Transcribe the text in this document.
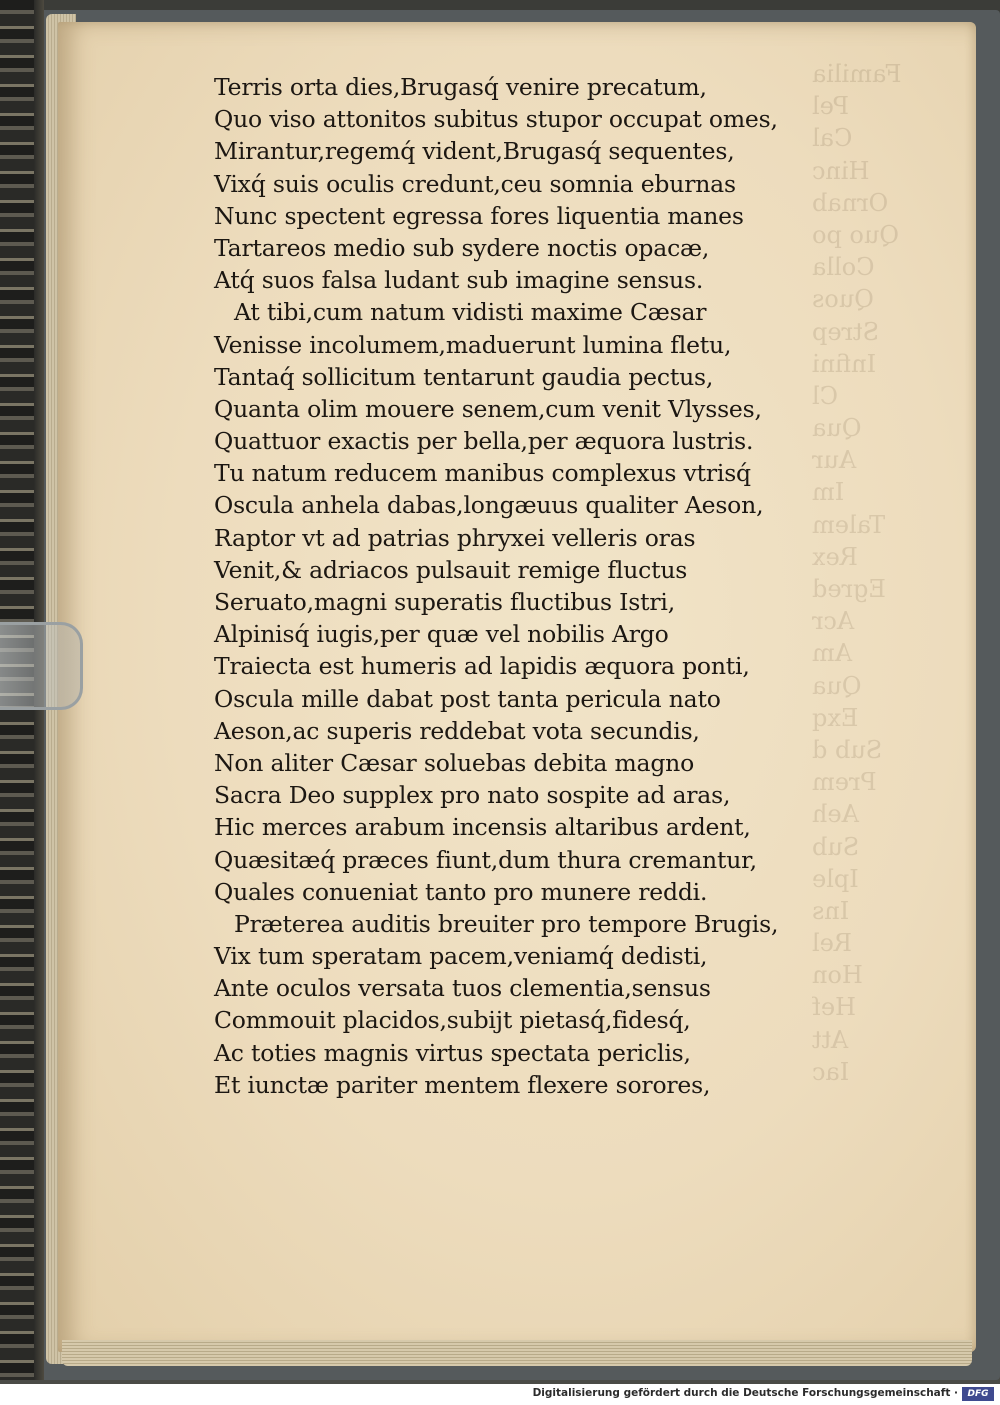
Familia
Pel
Cal
Hinc
Ornab
Quo po
Colla
Quos
Strep
Infini
Cl
Qua
Aur
Im
Talem
Rex
Egred
Acr
Am
Qua
Exq
Sub d
Prem
Aeh
Sub
Iple
Ins
Rel
Hon
Hef
Att
Iac
Terris orta dies,Brugasq́ venire precatum,
Quo viso attonitos subitus stupor occupat omes,
Mirantur,regemq́ vident,Brugasq́ sequentes,
Vixq́ suis oculis credunt,ceu somnia eburnas
Nunc spectent egressa fores liquentia manes
Tartareos medio sub sydere noctis opacæ,
Atq́ suos falsa ludant sub imagine sensus.
At tibi,cum natum vidisti maxime Cæsar
Venisse incolumem,maduerunt lumina fletu,
Tantaq́ sollicitum tentarunt gaudia pectus,
Quanta olim mouere senem,cum venit Vlysses,
Quattuor exactis per bella,per æquora lustris.
Tu natum reducem manibus complexus vtrisq́
Oscula anhela dabas,longæuus qualiter Aeson,
Raptor vt ad patrias phryxei velleris oras
Venit,& adriacos pulsauit remige fluctus
Seruato,magni superatis fluctibus Istri,
Alpinisq́ iugis,per quæ vel nobilis Argo
Traiecta est humeris ad lapidis æquora ponti,
Oscula mille dabat post tanta pericula nato
Aeson,ac superis reddebat vota secundis,
Non aliter Cæsar soluebas debita magno
Sacra Deo supplex pro nato sospite ad aras,
Hic merces arabum incensis altaribus ardent,
Quæsitæq́ præces fiunt,dum thura cremantur,
Quales conueniat tanto pro munere reddi.
Præterea auditis breuiter pro tempore Brugis,
Vix tum speratam pacem,veniamq́ dedisti,
Ante oculos versata tuos clementia,sensus
Commouit placidos,subijt pietasq́,fidesq́,
Ac toties magnis virtus spectata periclis,
Et iunctæ pariter mentem flexere sorores,
Digitalisierung gefördert durch die Deutsche Forschungsgemeinschaft ·	DFG
